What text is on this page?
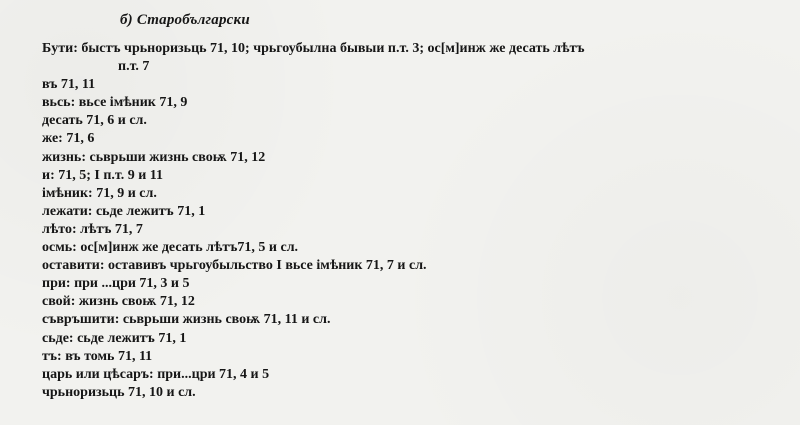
б) Старобългарски
Бyти: быстъ чрьноризьць 71, 10; чрьгоубылна бывыи п.т. 3; ос[м]инж же десать лѣтъ
п.т. 7
въ 71, 11
вьсь: вьсе імѣник 71, 9
десать 71, 6 и сл.
же: 71, 6
жизнь: сьврьши жизнь своѭ 71, 12
и: 71, 5; I п.т. 9 и 11
імѣник: 71, 9 и сл.
лежати: сьде лежитъ 71, 1
лѣто: лѣтъ 71, 7
осмь: ос[м]инж же десать лѣтъ71, 5 и сл.
оставити: оставивъ чрьгоубыльство I вьсе імѣник 71, 7 и сл.
при: при ...цри 71, 3 и 5
свой: жизнь своѭ 71, 12
съвръшити: сьврьши жизнь своѭ 71, 11 и сл.
сьде: сьде лежитъ 71, 1
тъ: въ томь 71, 11
царь или цѣсаръ: при...цри 71, 4 и 5
чрьноризьць 71, 10 и сл.
